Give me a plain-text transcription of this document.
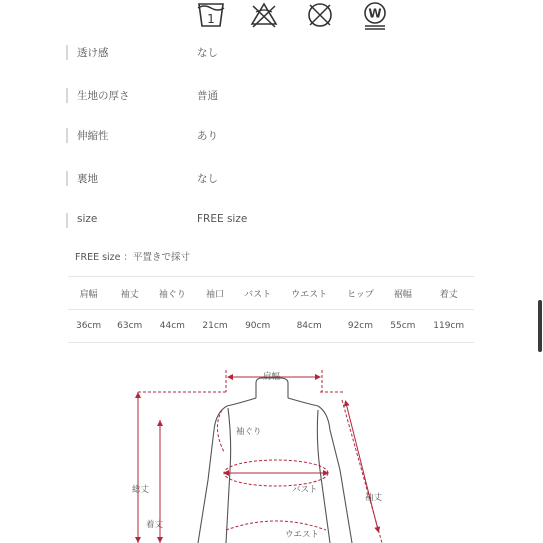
1	W
透け感	なし
生地の厚さ	普通
伸縮性	あり
裏地	なし
size	FREE size
FREE size ：平置きで採寸
肩幅	袖丈	袖ぐり	袖口	バスト	ウエスト	ヒップ	裾幅	着丈
36cm	63cm	44cm	21cm	90cm	84cm	92cm	55cm	119cm
肩幅
袖ぐり
バスト
総丈
袖丈
着丈
ウエスト
